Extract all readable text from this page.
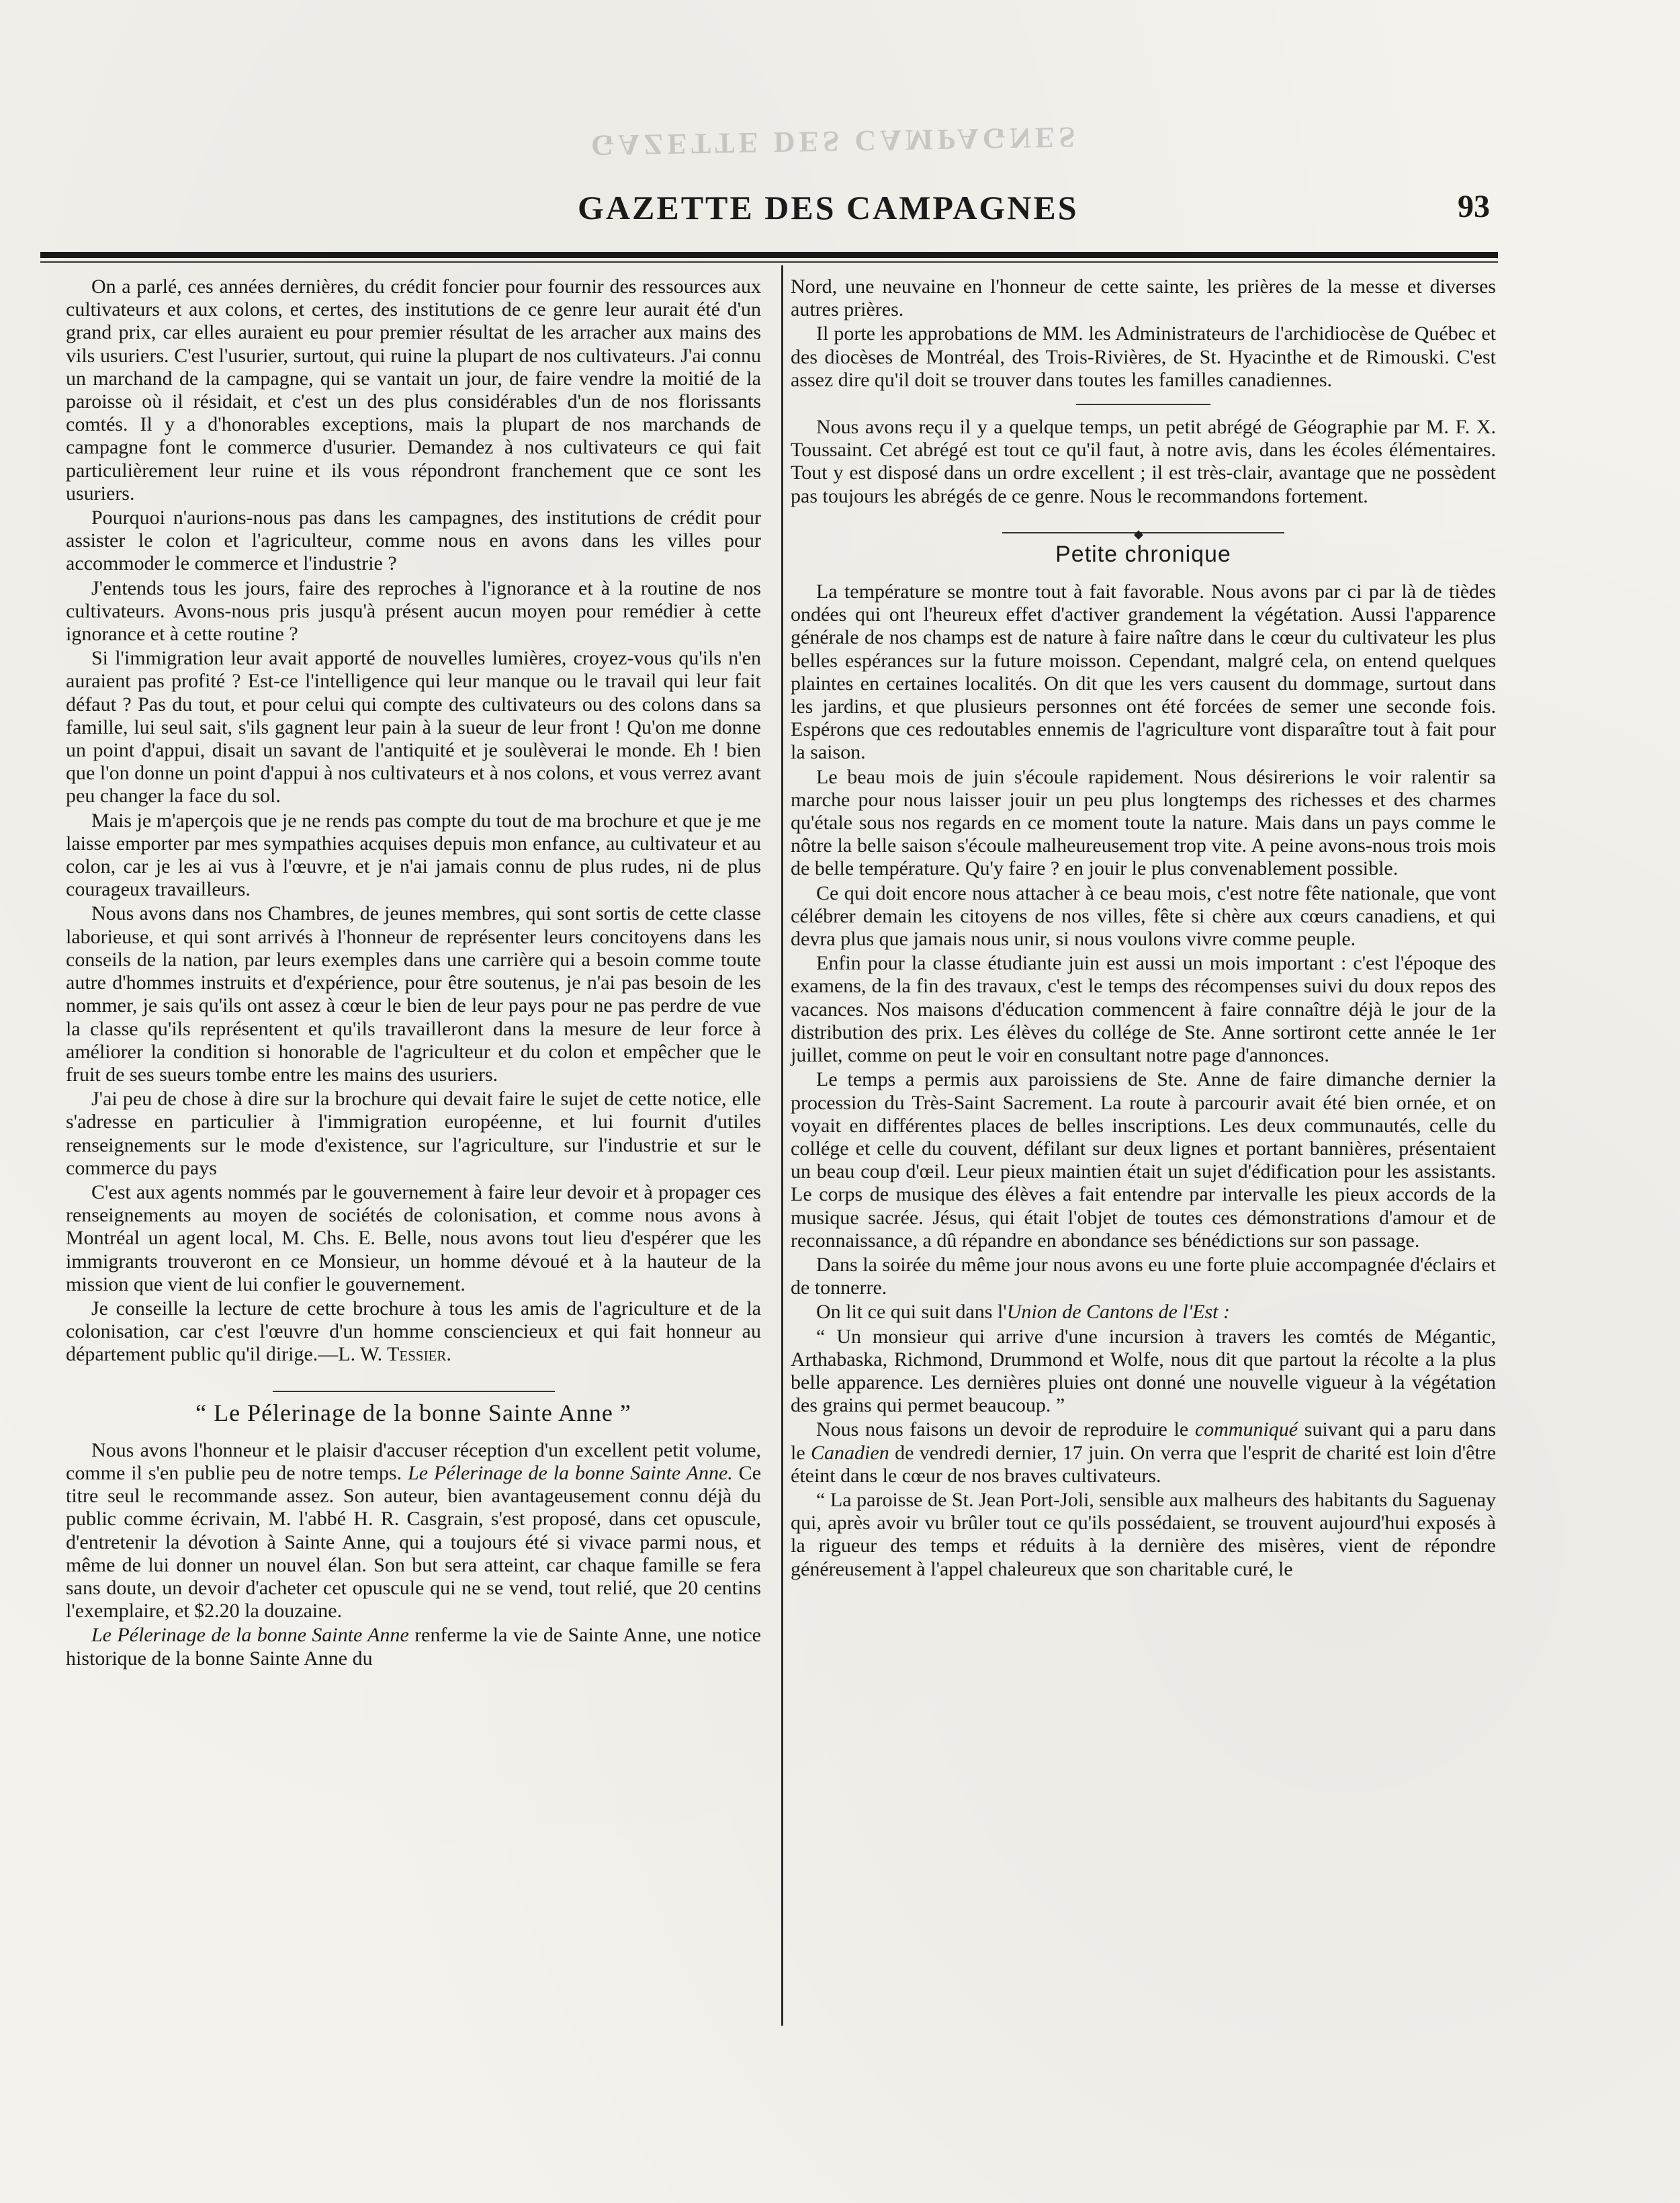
GAZETTE DES CAMPAGNES
GAZETTE DES CAMPAGNES	93

On a parlé, ces années dernières, du crédit foncier pour fournir des ressources aux cultivateurs et aux colons, et certes, des institutions de ce genre leur aurait été d'un grand prix, car elles auraient eu pour premier résultat de les arracher aux mains des vils usuriers. C'est l'usurier, surtout, qui ruine la plupart de nos cultivateurs. J'ai connu un marchand de la campagne, qui se vantait un jour, de faire vendre la moitié de la paroisse où il résidait, et c'est un des plus considérables d'un de nos florissants comtés. Il y a d'honorables exceptions, mais la plupart de nos marchands de campagne font le commerce d'usurier. Demandez à nos cultivateurs ce qui fait particulièrement leur ruine et ils vous répondront franchement que ce sont les usuriers.

Pourquoi n'aurions-nous pas dans les campagnes, des institutions de crédit pour assister le colon et l'agriculteur, comme nous en avons dans les villes pour accommoder le commerce et l'industrie ?

J'entends tous les jours, faire des reproches à l'ignorance et à la routine de nos cultivateurs. Avons-nous pris jusqu'à présent aucun moyen pour remédier à cette ignorance et à cette routine ?

Si l'immigration leur avait apporté de nouvelles lumières, croyez-vous qu'ils n'en auraient pas profité ? Est-ce l'intelligence qui leur manque ou le travail qui leur fait défaut ? Pas du tout, et pour celui qui compte des cultivateurs ou des colons dans sa famille, lui seul sait, s'ils gagnent leur pain à la sueur de leur front ! Qu'on me donne un point d'appui, disait un savant de l'antiquité et je soulèverai le monde. Eh ! bien que l'on donne un point d'appui à nos cultivateurs et à nos colons, et vous verrez avant peu changer la face du sol.

Mais je m'aperçois que je ne rends pas compte du tout de ma brochure et que je me laisse emporter par mes sympathies acquises depuis mon enfance, au cultivateur et au colon, car je les ai vus à l'œuvre, et je n'ai jamais connu de plus rudes, ni de plus courageux travailleurs.

Nous avons dans nos Chambres, de jeunes membres, qui sont sortis de cette classe laborieuse, et qui sont arrivés à l'honneur de représenter leurs concitoyens dans les conseils de la nation, par leurs exemples dans une carrière qui a besoin comme toute autre d'hommes instruits et d'expérience, pour être soutenus, je n'ai pas besoin de les nommer, je sais qu'ils ont assez à cœur le bien de leur pays pour ne pas perdre de vue la classe qu'ils représentent et qu'ils travailleront dans la mesure de leur force à améliorer la condition si honorable de l'agriculteur et du colon et empêcher que le fruit de ses sueurs tombe entre les mains des usuriers.

J'ai peu de chose à dire sur la brochure qui devait faire le sujet de cette notice, elle s'adresse en particulier à l'immigration européenne, et lui fournit d'utiles renseignements sur le mode d'existence, sur l'agriculture, sur l'industrie et sur le commerce du pays

C'est aux agents nommés par le gouvernement à faire leur devoir et à propager ces renseignements au moyen de sociétés de colonisation, et comme nous avons à Montréal un agent local, M. Chs. E. Belle, nous avons tout lieu d'espérer que les immigrants trouveront en ce Monsieur, un homme dévoué et à la hauteur de la mission que vient de lui confier le gouvernement.

Je conseille la lecture de cette brochure à tous les amis de l'agriculture et de la colonisation, car c'est l'œuvre d'un homme consciencieux et qui fait honneur au département public qu'il dirige.—L. W. Tessier.

“ Le Pélerinage de la bonne Sainte Anne ”

Nous avons l'honneur et le plaisir d'accuser réception d'un excellent petit volume, comme il s'en publie peu de notre temps. Le Pélerinage de la bonne Sainte Anne. Ce titre seul le recommande assez. Son auteur, bien avantageusement connu déjà du public comme écrivain, M. l'abbé H. R. Casgrain, s'est proposé, dans cet opuscule, d'entretenir la dévotion à Sainte Anne, qui a toujours été si vivace parmi nous, et même de lui donner un nouvel élan. Son but sera atteint, car chaque famille se fera sans doute, un devoir d'acheter cet opuscule qui ne se vend, tout relié, que 20 centins l'exemplaire, et $2.20 la douzaine.

Le Pélerinage de la bonne Sainte Anne renferme la vie de Sainte Anne, une notice historique de la bonne Sainte Anne du

Nord, une neuvaine en l'honneur de cette sainte, les prières de la messe et diverses autres prières.

Il porte les approbations de MM. les Administrateurs de l'archidiocèse de Québec et des diocèses de Montréal, des Trois-Rivières, de St. Hyacinthe et de Rimouski. C'est assez dire qu'il doit se trouver dans toutes les familles canadiennes.

Nous avons reçu il y a quelque temps, un petit abrégé de Géographie par M. F. X. Toussaint. Cet abrégé est tout ce qu'il faut, à notre avis, dans les écoles élémentaires. Tout y est disposé dans un ordre excellent ; il est très-clair, avantage que ne possèdent pas toujours les abrégés de ce genre. Nous le recommandons fortement.

◆
Petite chronique

La température se montre tout à fait favorable. Nous avons par ci par là de tièdes ondées qui ont l'heureux effet d'activer grandement la végétation. Aussi l'apparence générale de nos champs est de nature à faire naître dans le cœur du cultivateur les plus belles espérances sur la future moisson. Cependant, malgré cela, on entend quelques plaintes en certaines localités. On dit que les vers causent du dommage, surtout dans les jardins, et que plusieurs personnes ont été forcées de semer une seconde fois. Espérons que ces redoutables ennemis de l'agriculture vont disparaître tout à fait pour la saison.

Le beau mois de juin s'écoule rapidement. Nous désirerions le voir ralentir sa marche pour nous laisser jouir un peu plus longtemps des richesses et des charmes qu'étale sous nos regards en ce moment toute la nature. Mais dans un pays comme le nôtre la belle saison s'écoule malheureusement trop vite. A peine avons-nous trois mois de belle température. Qu'y faire ? en jouir le plus convenablement possible.

Ce qui doit encore nous attacher à ce beau mois, c'est notre fête nationale, que vont célébrer demain les citoyens de nos villes, fête si chère aux cœurs canadiens, et qui devra plus que jamais nous unir, si nous voulons vivre comme peuple.

Enfin pour la classe étudiante juin est aussi un mois important : c'est l'époque des examens, de la fin des travaux, c'est le temps des récompenses suivi du doux repos des vacances. Nos maisons d'éducation commencent à faire connaître déjà le jour de la distribution des prix. Les élèves du collége de Ste. Anne sortiront cette année le 1er juillet, comme on peut le voir en consultant notre page d'annonces.

Le temps a permis aux paroissiens de Ste. Anne de faire dimanche dernier la procession du Très-Saint Sacrement. La route à parcourir avait été bien ornée, et on voyait en différentes places de belles inscriptions. Les deux communautés, celle du collége et celle du couvent, défilant sur deux lignes et portant bannières, présentaient un beau coup d'œil. Leur pieux maintien était un sujet d'édification pour les assistants. Le corps de musique des élèves a fait entendre par intervalle les pieux accords de la musique sacrée. Jésus, qui était l'objet de toutes ces démonstrations d'amour et de reconnaissance, a dû répandre en abondance ses bénédictions sur son passage.

Dans la soirée du même jour nous avons eu une forte pluie accompagnée d'éclairs et de tonnerre.

On lit ce qui suit dans l'Union de Cantons de l'Est :

“ Un monsieur qui arrive d'une incursion à travers les comtés de Mégantic, Arthabaska, Richmond, Drummond et Wolfe, nous dit que partout la récolte a la plus belle apparence. Les dernières pluies ont donné une nouvelle vigueur à la végétation des grains qui permet beaucoup. ”

Nous nous faisons un devoir de reproduire le communiqué suivant qui a paru dans le Canadien de vendredi dernier, 17 juin. On verra que l'esprit de charité est loin d'être éteint dans le cœur de nos braves cultivateurs.

“ La paroisse de St. Jean Port-Joli, sensible aux malheurs des habitants du Saguenay qui, après avoir vu brûler tout ce qu'ils possédaient, se trouvent aujourd'hui exposés à la rigueur des temps et réduits à la dernière des misères, vient de répondre généreusement à l'appel chaleureux que son charitable curé, le
